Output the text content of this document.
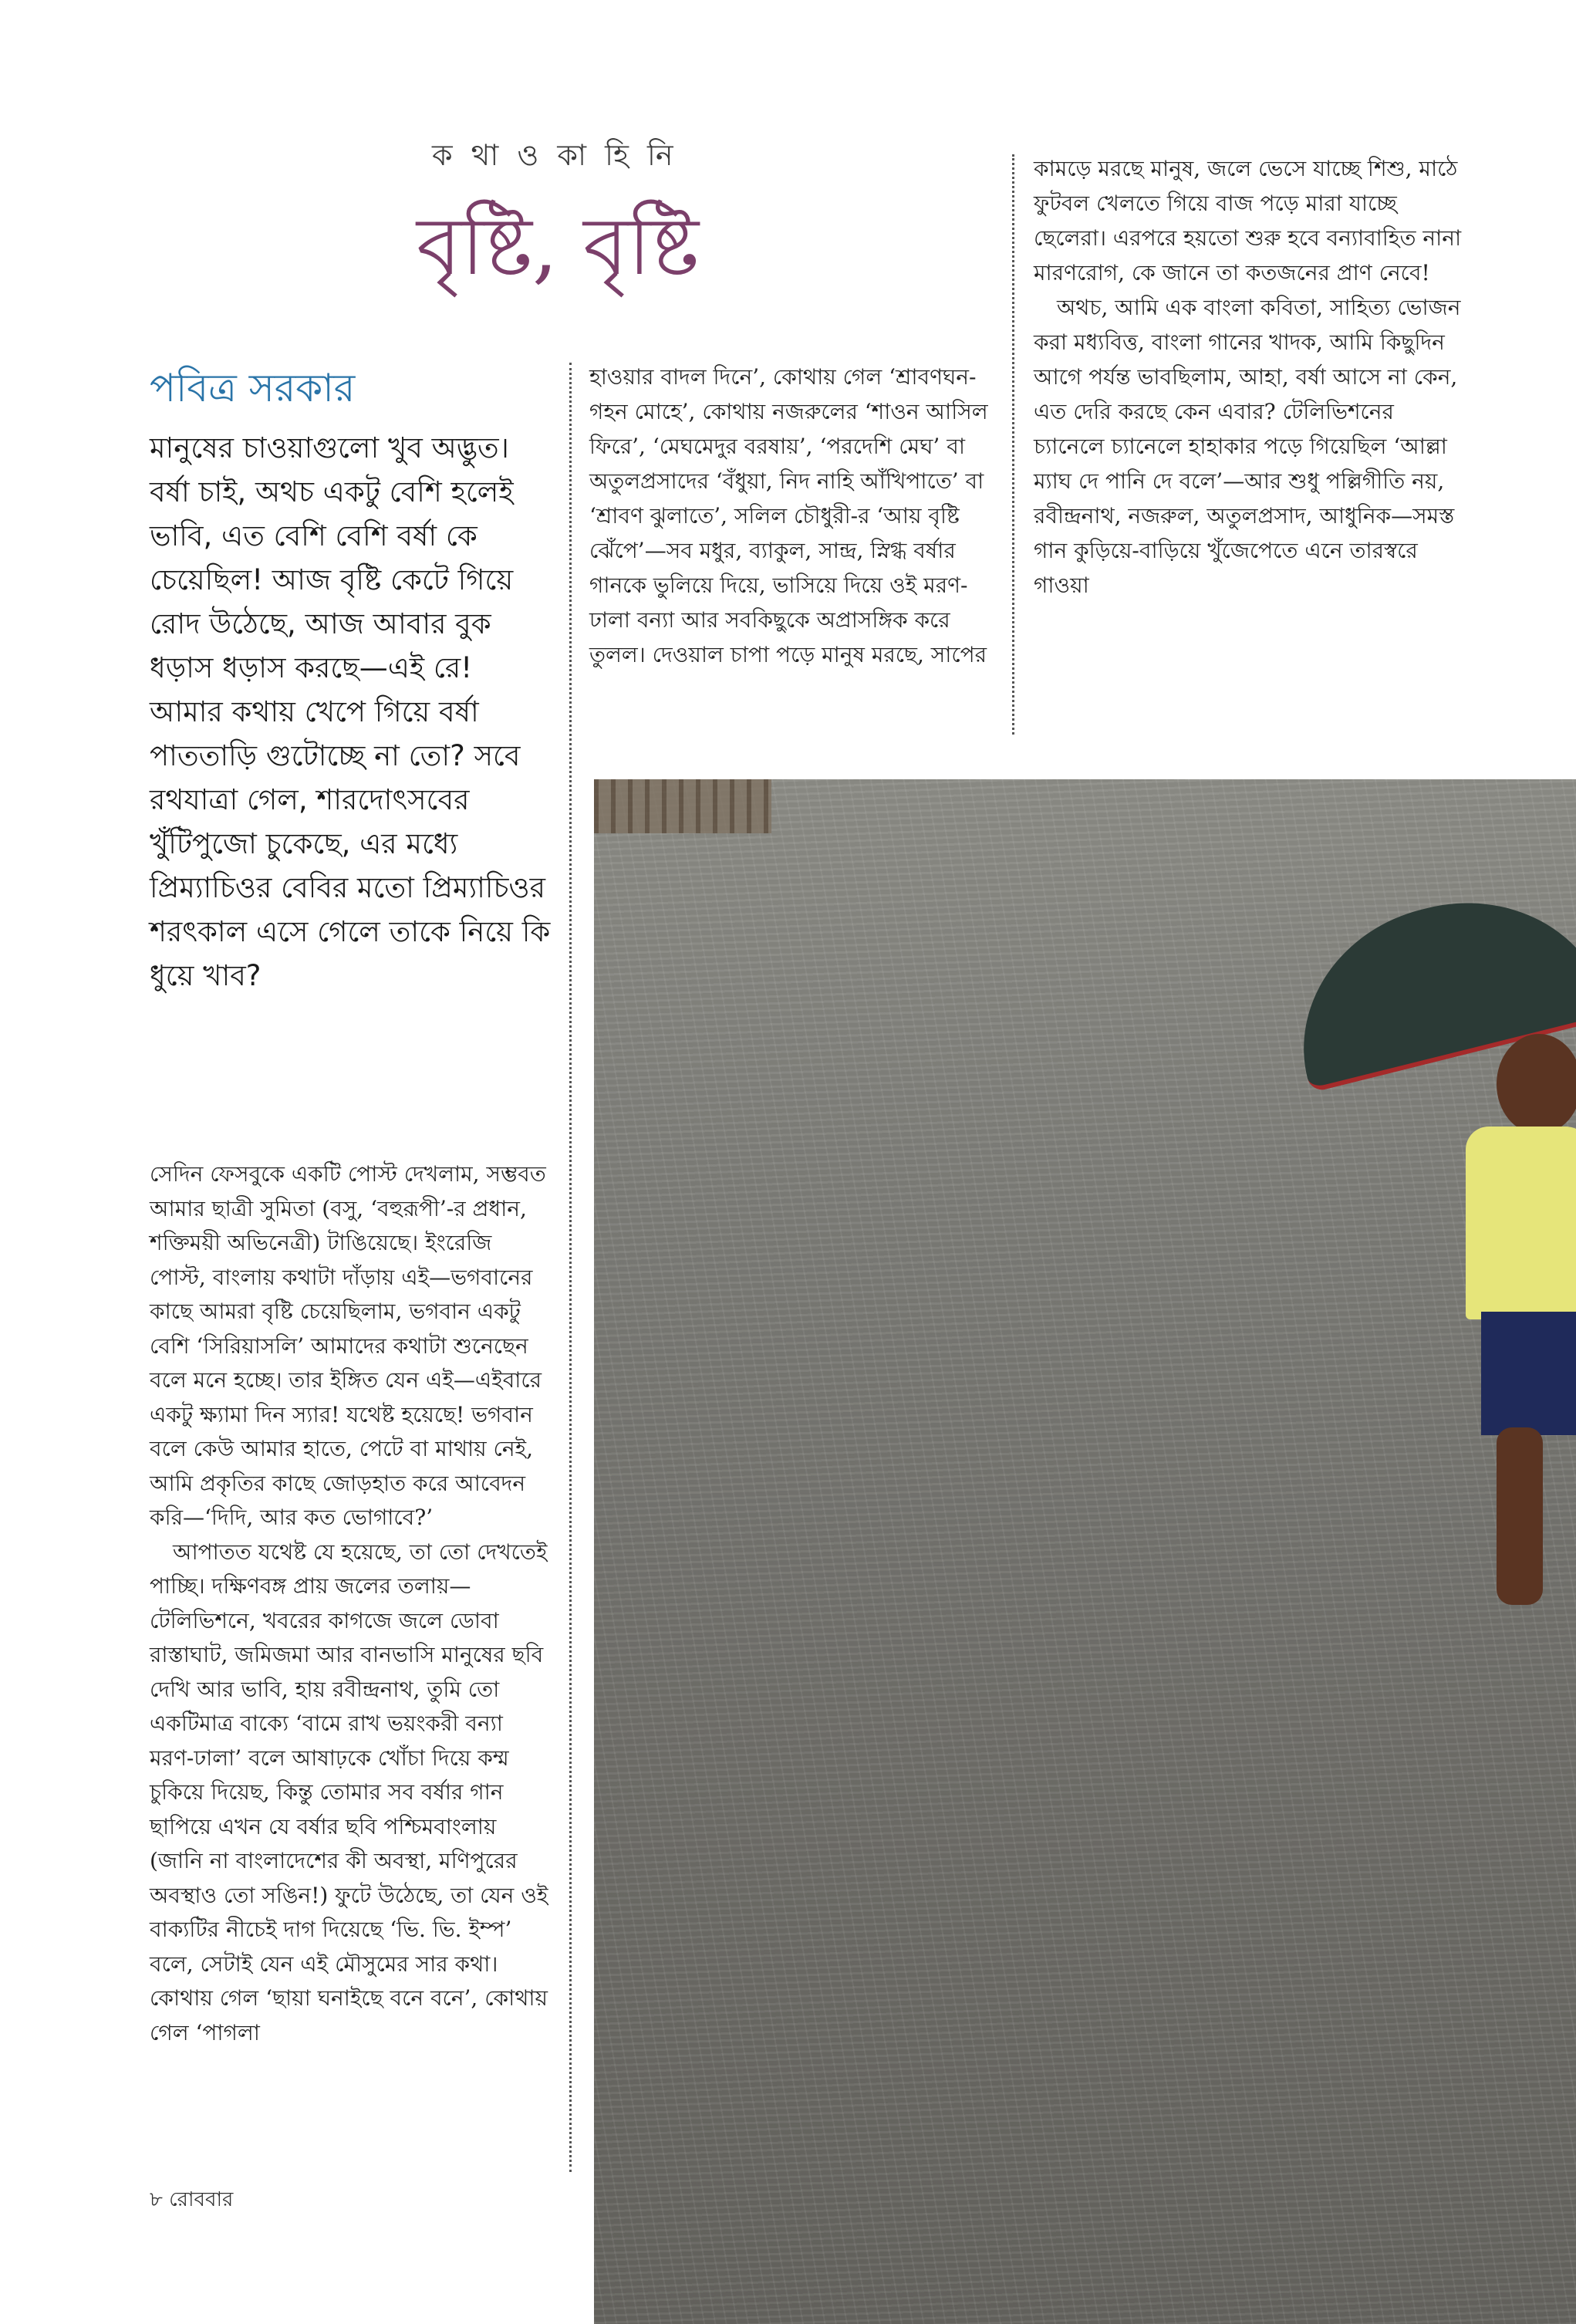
ক থা ও কা হি নি
বৃষ্টি, বৃষ্টি
পবিত্র সরকার

মানুষের চাওয়াগুলো খুব অদ্ভুত। বর্ষা চাই, অথচ একটু বেশি হলেই ভাবি, এত বেশি বেশি বর্ষা কে চেয়েছিল! আজ বৃষ্টি কেটে গিয়ে রোদ উঠেছে, আজ আবার বুক ধড়াস ধড়াস করছে—এই রে! আমার কথায় খেপে গিয়ে বর্ষা পাততাড়ি গুটোচ্ছে না তো? সবে রথযাত্রা গেল, শারদোৎসবের খুঁটিপুজো চুকেছে, এর মধ্যে প্রিম্যাচিওর বেবির মতো প্রিম্যাচিওর শরৎকাল এসে গেলে তাকে নিয়ে কি ধুয়ে খাব?

সেদিন ফেসবুকে একটি পোস্ট দেখলাম, সম্ভবত আমার ছাত্রী সুমিতা (বসু, ‘বহুরূপী’-র প্রধান, শক্তিময়ী অভিনেত্রী) টাঙিয়েছে। ইংরেজি পোস্ট, বাংলায় কথাটা দাঁড়ায় এই—ভগবানের কাছে আমরা বৃষ্টি চেয়েছিলাম, ভগবান একটু বেশি ‘সিরিয়াসলি’ আমাদের কথাটা শুনেছেন বলে মনে হচ্ছে। তার ইঙ্গিত যেন এই—এইবারে একটু ক্ষ্যামা দিন স্যার! যথেষ্ট হয়েছে! ভগবান বলে কেউ আমার হাতে, পেটে বা মাথায় নেই, আমি প্রকৃতির কাছে জোড়হাত করে আবেদন করি—‘দিদি, আর কত ভোগাবে?’

আপাতত যথেষ্ট যে হয়েছে, তা তো দেখতেই পাচ্ছি। দক্ষিণবঙ্গ প্রায় জলের তলায়—টেলিভিশনে, খবরের কাগজে জলে ডোবা রাস্তাঘাট, জমিজমা আর বানভাসি মানুষের ছবি দেখি আর ভাবি, হায় রবীন্দ্রনাথ, তুমি তো একটিমাত্র বাক্যে ‘বামে রাখ ভয়ংকরী বন্যা মরণ-ঢালা’ বলে আষাঢ়কে খোঁচা দিয়ে কম্ম চুকিয়ে দিয়েছ, কিন্তু তোমার সব বর্ষার গান ছাপিয়ে এখন যে বর্ষার ছবি পশ্চিমবাংলায় (জানি না বাংলাদেশের কী অবস্থা, মণিপুরের অবস্থাও তো সঙিন!) ফুটে উঠেছে, তা যেন ওই বাক্যটির নীচেই দাগ দিয়েছে ‘ভি. ভি. ইম্প’ বলে, সেটাই যেন এই মৌসুমের সার কথা। কোথায় গেল ‘ছায়া ঘনাইছে বনে বনে’, কোথায় গেল ‘পাগলা

হাওয়ার বাদল দিনে’, কোথায় গেল ‘শ্রাবণঘন-গহন মোহে’, কোথায় নজরুলের ‘শাওন আসিল ফিরে’, ‘মেঘমেদুর বরষায়’, ‘পরদেশি মেঘ’ বা অতুলপ্রসাদের ‘বঁধুয়া, নিদ নাহি আঁখিপাতে’ বা ‘শ্রাবণ ঝুলাতে’, সলিল চৌধুরী-র ‘আয় বৃষ্টি ঝেঁপে’—সব মধুর, ব্যাকুল, সান্দ্র, স্নিগ্ধ বর্ষার গানকে ভুলিয়ে দিয়ে, ভাসিয়ে দিয়ে ওই মরণ-ঢালা বন্যা আর সবকিছুকে অপ্রাসঙ্গিক করে তুলল। দেওয়াল চাপা পড়ে মানুষ মরছে, সাপের

কামড়ে মরছে মানুষ, জলে ভেসে যাচ্ছে শিশু, মাঠে ফুটবল খেলতে গিয়ে বাজ পড়ে মারা যাচ্ছে ছেলেরা। এরপরে হয়তো শুরু হবে বন্যাবাহিত নানা মারণরোগ, কে জানে তা কতজনের প্রাণ নেবে!

অথচ, আমি এক বাংলা কবিতা, সাহিত্য ভোজন করা মধ্যবিত্ত, বাংলা গানের খাদক, আমি কিছুদিন আগে পর্যন্ত ভাবছিলাম, আহা, বর্ষা আসে না কেন, এত দেরি করছে কেন এবার? টেলিভিশনের চ্যানেলে চ্যানেলে হাহাকার পড়ে গিয়েছিল ‘আল্লা ম্যাঘ দে পানি দে বলে’—আর শুধু পল্লিগীতি নয়, রবীন্দ্রনাথ, নজরুল, অতুলপ্রসাদ, আধুনিক—সমস্ত গান কুড়িয়ে-বাড়িয়ে খুঁজেপেতে এনে তারস্বরে গাওয়া

৮ রোববার
